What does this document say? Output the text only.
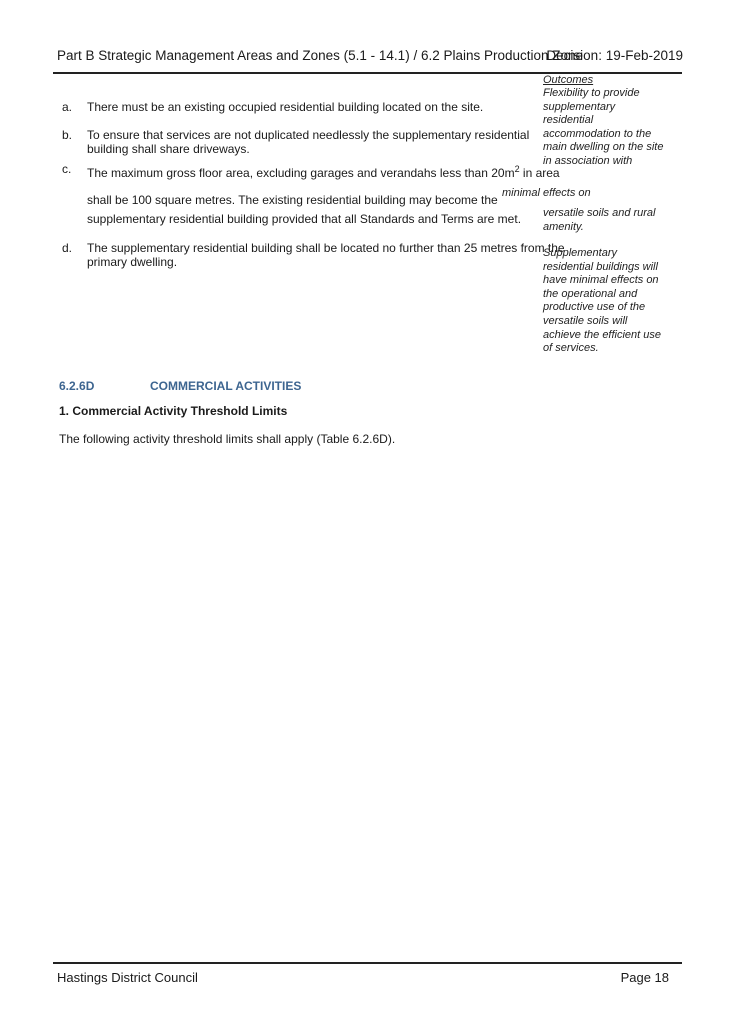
Part B Strategic Management Areas and Zones (5.1 - 14.1) / 6.2 Plains Production Zone
Decision: 19-Feb-2019
a.	There must be an existing occupied residential building located on the site.
b.	To ensure that services are not duplicated needlessly the supplementary residential
building shall share driveways.
c.	The maximum gross floor area, excluding garages and verandahs less than $20m^2$ in area
shall be 100 square metres. The existing residential building may become the
supplementary residential building provided that all Standards and Terms are met.
d.	The supplementary residential building shall be located no further than 25 metres from the
primary dwelling.
Outcomes
Flexibility to provide
supplementary
residential
accommodation to the
main dwelling on the site
in association with
minimal effects on
versatile soils and rural
amenity.
Supplementary
residential buildings will
have minimal effects on
the operational and
productive use of the
versatile soils will
achieve the efficient use
of services.
6.2.6D	COMMERCIAL ACTIVITIES
1. Commercial Activity Threshold Limits
The following activity threshold limits shall apply (Table 6.2.6D).
Hastings District Council	Page 18
